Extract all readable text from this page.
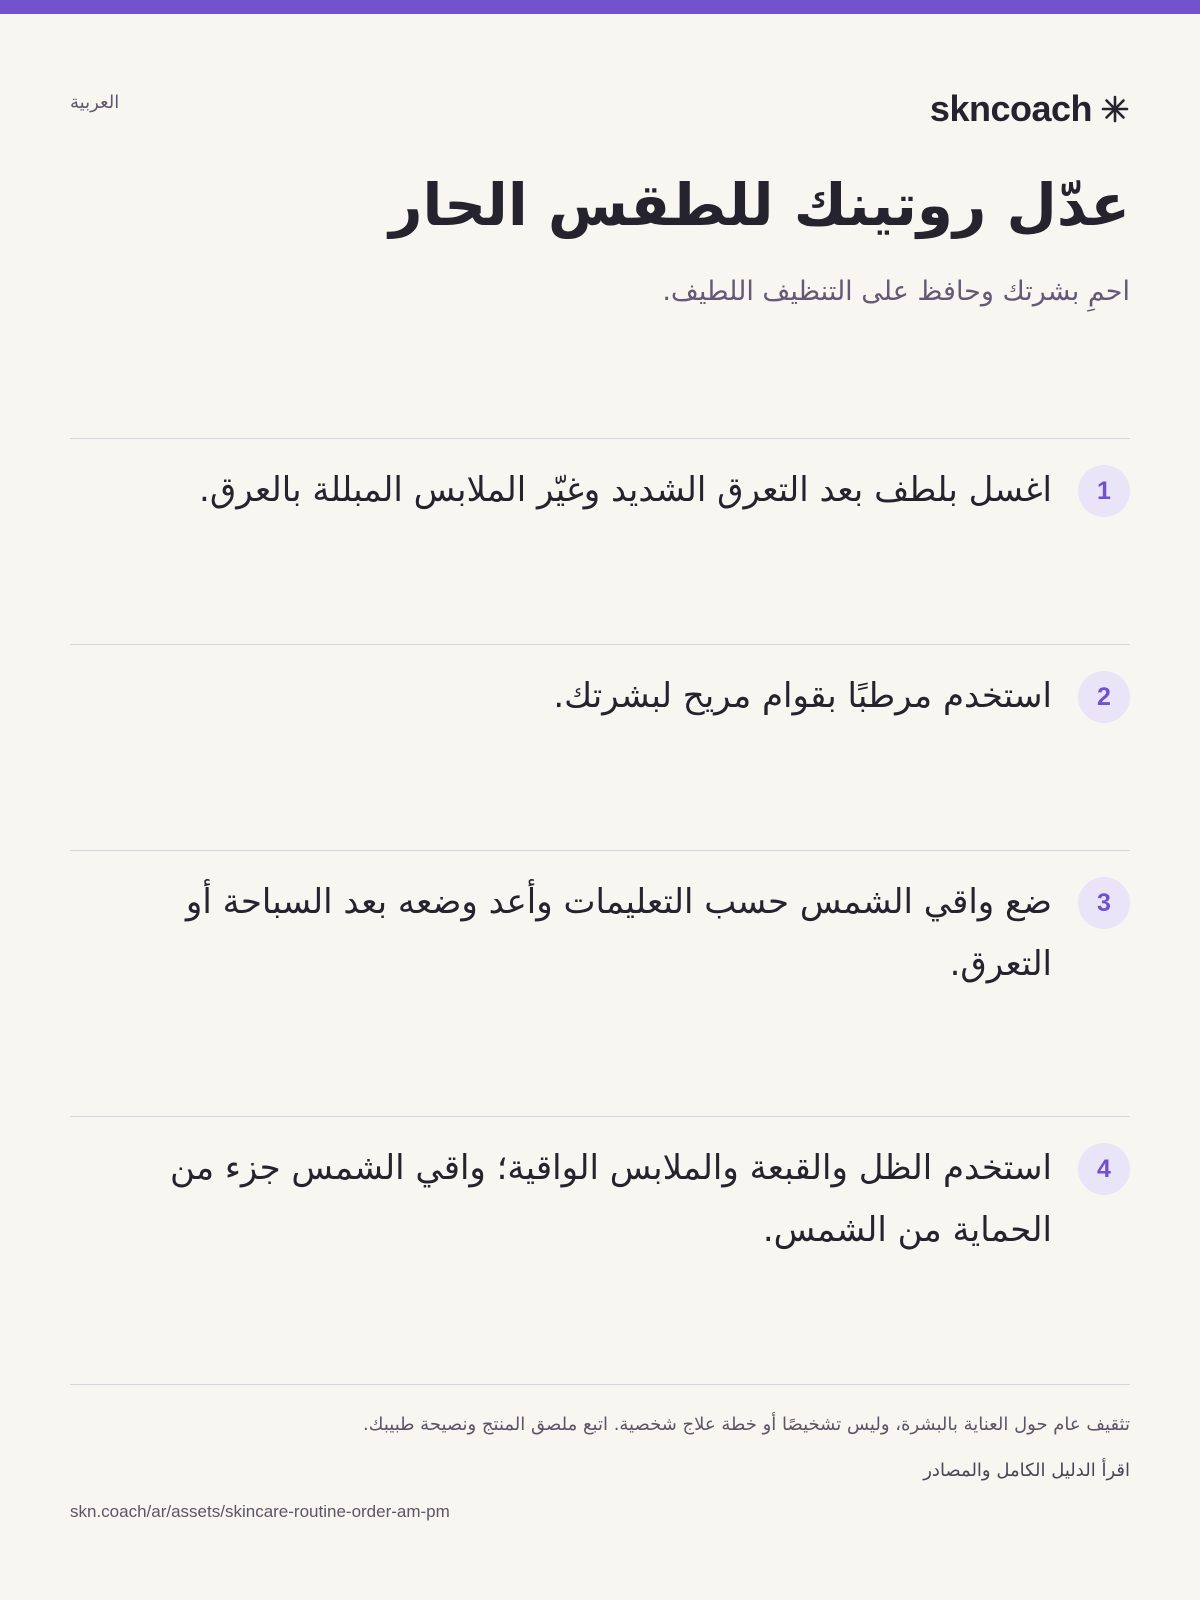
العربية	skncoach
عدّل روتينك للطقس الحار

احمِ بشرتك وحافظ على التنظيف اللطيف.

1

اغسل بلطف بعد التعرق الشديد وغيّر الملابس المبللة بالعرق.

2

استخدم مرطبًا بقوام مريح لبشرتك.

3

ضع واقي الشمس حسب التعليمات وأعد وضعه بعد السباحة أو التعرق.

4

استخدم الظل والقبعة والملابس الواقية؛ واقي الشمس جزء من الحماية من الشمس.

تثقيف عام حول العناية بالبشرة، وليس تشخيصًا أو خطة علاج شخصية. اتبع ملصق المنتج ونصيحة طبيبك.

اقرأ الدليل الكامل والمصادر
skn.coach/ar/assets/skincare-routine-order-am-pm
